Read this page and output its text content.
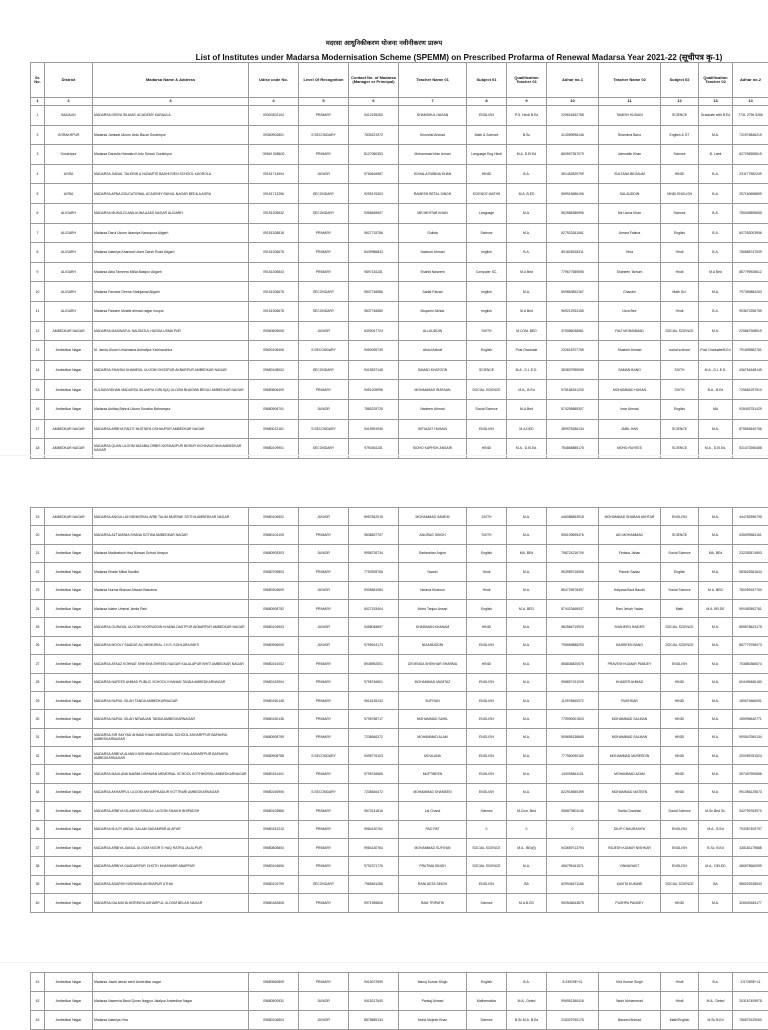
मदरसा आधुनिकीकरण योजना नवीनीकरण प्रारूप
List of Institutes under Madarsa Modernisation Scheme (SPEMM) on Prescribed Profarma of Renewal Madarsa Year 2021-22 (सूचीपत्र कृ-1)
Sr. No.	District	Madarsa Name & Address	Udise code No.	Level Of Recognition	Contact No. of Madarsa (Manager or Principal)	Teacher Name 01	Subject 01	Qualification Teacher 01	Adhar no.1	Teacher Name 02	Subject 02	Qualification Teacher 02	Adhar no.2
1	2	3	4	5	6	7	8	9	10	11	12	13	14
1	BADAUN	MADARSA DEENI ISLAMIC ACADEMY KARAULA	09300302104	PRIMARY	9412195260	SHAMSHUL HASAN	ENGLISH	P.G. Hindi B.Ed	229616452788	TAMISH HUSAIN	SCIENCE	Graduate with B.Ed	7731 2796 5286
2	GORAKHPUR	Madarsa Jamiaat Uloom Urdu Bazar Gorakhpur	09360902801	S.SECONDARY	7839221972	Khurshid Ahmad	Math & Science	B.Sc	413059996146	Shamima Bano	English & GT	M.A.	731976846219
3	Gorakhpur	Madarsa Darsulia Hamdard Urdu School Gorakhpur	09360 508602	PRIMARY	8127080353	Mohammad Irfan Ansari	Language Eng Hindi	M.A. D.El.Ed	860597357079	Jainuddin Khan	Science	B. Lamt	627298355615
4	AGRA	MADARSA JIANUL TALEEMI & NIZAMTIS BADHI RIEN SCHOOL KAGROLA	09151714904	JUNIOR	9760616987	SOHALA RUBINA KHAN	HINDI	B.A.	351452829799	SULTANA BEGAUM	HINDI	B.A.	231177982249
5	AGRA	MADARSA APNA EDUCATIONAL ACADEMY RAHUL NAGAR BEDILA AGRA	09151712256	SECONDARY	9259176303	RAMESH BETAL SINGH	SCIENCE MATHS	M.A. B.ED	559915686196	SALAUDDIN	HINDI ENGLISH	B.A.	257160658899
6	ALIGARH	MADARSA MUKALDI ANILUUNA AZAD NAGAR ALIGARH	09151305532	SECONDARY	9358465907	MR MEHTAB KHAN	Language	M.A.	562586386996	Ms Uzma Khan	Science	B.A.	755305895655
7	ALIGARH	Madarsa Darul Uloom Islamiya Narsopura Aligarh	09151308818	PRIMARY	9627715786	Gulista	Science	M.A.	627923261061	Umara Fatima	English	B.A.	607253003956
8	ALIGARH	Madarsa Islamiya Khanwal Ulomi Darsh Road Aligarh	09151306676	PRIMARY	8439986843	Nazkum Ahmad	english	B.A.	891826518311	Hina	Hindi	B.A.	786858747539
9	ALIGARH	Madarsa Attia Tameera Millat Bastpur Aligarh	09151306543	PRIMARY	9897181151	Shahid Naseem	Computer SC.	M.A Bed	779677589596	Shaheen Tarnum	Hindi	M.A Bed	887799928612
10	ALIGARH	Madarsa Farzane Deena Shahjamal Aligarh	09151306676	SECONDARY	9837746586	Sadaf Faizad	english	M.A.	599863852167	Chandni	Math Sci.	M.A.	797359884263
11	ALIGARH	Madarsa Faizane Mustfa ahmad nagar noupur	09151306678	SECONDARY	9837746580	Muqarrin Akhtar	english	M.A Bed	969212933155	Uzra Bee	Hindi	B.A.	993672396759
12	AMBEDKAR NAGAR	MADARSA MADINATUL NAUSATUL HUDDA USMA PUR	09960805006	JUNIOR	6393047724	ALLAUDDIN	SIXTH	M.COM. BED	375086038561	FAIZ MOHAMMAD	SOCIAL SCIENCE	M.A.	225867908919
13	Ambedkar Nagar	M. Jamia Uloom Umarnama Ashrafpur Kichhauchha	09600108406	S.SECONDARY	9450095749	Abdul Ashraf	English	Post Graduate	232618707765	Shakeel Ahmad	social science	Post Graduate/B.Ed	791895582761
14	Ambedkar Nagar	MADARSA SHAHNJ KHANIRUL ULOOM GHOSPUR AKBARPUR AMBEDKAR NAGAR	09680108002	SECONDARY	9415537148	SAMAD KHATOON	SCIENCE	M.A., D.L.E.D.	383837995059	SAMAN BANO	SIXTH	M.A., D.L.E.D.	436761648145
15	Ambedkar Nagar	KULSANVIDHAN MADARSA ISLAMIYA GIRLS(A) ULOOM BHAGWA BEGAJ AMBEDKAR NAGAR	09680806409	PRIMARY	9451209996	MOHAMMAD IRAFAAN	SOCIAL SCIENCE	M.A., B.Ed	975168151200	MOHAMMAD HASAN	SIXTH	B.A., B.Ed	725681297510
16	Ambedkar Nagar	Madarsa Ashfaq Bahrul Uloom Suratha Bahrampur	09680906701	JUNIOR	7880229725	Nadeem Ahmad	Social Science	M.A.Bed	574295885307	Israr Ahmad	English	MA	928492751429
17	AMBEDKAR NAGAR	MADARSA ARBIYA FAIZ E MUSTAFA GOHAUPUR AMBEDKAR NAGAR	09680012161	S.SECONDARY	9415951946	IMTIAZAT HUSAIN	ENGLISH	M.A.DED	389978186134	JABIL HAN	SCIENCE	M.A.	875563640756
18	AMBEDKAR NAGAR	MADARSA QUAN ULOOM MIZABIA ORBIS NOSHADPUR BERUR KICHHAUCHHA AMBEDKAR NAGAR	09680109901	SECONDARY	9793461151	SIDHO KAPHOK ANSARI	HINDI	M.A., D.El.Ed.	784865885175	MOHD RAYEES	SCIENCE	M.A., D.El.Ed.	531473396488
19	AMBEDKAR NAGAR	MADARSA ANGULLAH MEMORIAL ARBI TALIM MURRAE SOTIYA AMBEDKAR NAGAR	09680106502	JUNIOR	8957842015	MOHAMMAD SAMEM	SIXTH	M.A.	446086853918	MOHAMMAD SHABAN AKHTAR	ENGLISH	M.A.	444782596795
20	Ambedkar Nagar	MADARSA AZTUMINIA SHANA SOTWA AMBEDKAR NAGAR	09680104105	PRIMARY	9838637707	ANURAG SINGH	SIXTH	M.A.	596109695376	AKI MOHAMMAD	SCIENCE	M.A.	435099584161
21	Ambedkar Nagar	Madarsa Madinatush Haq Nizwan School Ibrapur	09680905303	JUNIOR	9958726734	Sarfarahan Anjum	English	MA, BEd	798724216709	Firdaus Jahan	Social Science	MA, BEd	232283574893
22	Ambedkar Nagar	Madarsa Khade Millat Saotikh	09680709803	PRIMARY	7753935765	Naarin	Hindi	M.A.	553989716506	Parwin Sadaz	English	M.A.	983626361644
23	Ambedkar Nagar	Madarsa Nurma Bhavan Ahwazi Basrama	09680304609	JUNIOR	9305681084	Nahma Khatoon	Hindi	M.A.	854725578497	Kalpana Bani Baudh	Social Science	M.A. BED	780259157760
24	Ambedkar Nagar	Madarsa Islahe Ummat Jamia Park	09680908752	PRIMARY	8427153404	Mohd Tanjun Ansari	English	M.A. BED	874423466537	Rani Jehah Yadav	Math	M.A. BR.DE	990450592761
25	Ambedkar Nagar	MADARSA GURAYAL ULOOM NOORUDDIN KHAWA DASTPUR AKBARPUR AMBEDKAR NAGAR	09680104903	JUNIOR	9458048697	KHADIMAN KHANAM	HINDI	M.A.	582566719920	SHAHEEN HAIDER	SOCIAL SCIENCE	M.A.	855578623175
26	Ambedkar Nagar	MADARSA MOOLY SAADAT ALI MEMORIAL J.H.S. KOHLARA BHITI	09680906005	JUNIOR	9795914173	NIZAMUDDIN	ENGLISH	M.A.	795559886293	NASREEN BANO	SOCIAL SCIENCE	M.A.	887779756073
27	Ambedkar Nagar	MADARSA AFAAZ KOHNAT SHIKSHA SHREED NAGAR KALALAPUR BHITI AMBEDKAR NAGAR	09680151002	PRIMARY	8948952501	DEVENDA SHEKHAR SHARMA	HINDI	M.A.	858836820575	PRAVESH KUMAR PANDEY	ENGLISH	M.A.	703880366574
28	Ambedkar Nagar	MADARSA NAFEES AHMAD PUBLIC SCHOOL KHANAN TANDA AMBEDKARNAGAR	09680152904	PRIMARY	9795746501	MOHAMMAD MUMTAZ	ENGLISH	M.A.	998897191009	KHADER AHMAD	HINDI	M.A.	604495486180
29	Ambedkar Nagar	MADARSA NURUL ISLAH TANDA AMBEDKARNAGAR	09680150145	PRIMARY	9616135132	SUFIYAN	ENGLISH	M.A.	110978660072	RUKHSAR	HINDI	M.A.	169074666051
30	Ambedkar Nagar	MADARSA NURUL ISLAH NEWAJAN TANDA AMBEDKARNAGAR	09680150136	PRIMARY	9795788717	MOHAMMAD SAHIL	ENGLISH	M.A.	775990001503	MOHAMMAD SALMAN	HINDI	M.A.	155996640771
31	Ambedkar Nagar	MADARSA SIR SAYYAD AHMAD KHAN MEMORIAL SCHOOL ASHARFPUR BAFAHRA AMBEDKARNAGAR	09680908799	PRIMARY	7236646372	MOHAMMAD ALAM	ENGLISH	M.A.	905695138665	MOHAMMAD SALMAN	HINDI	M.A.	990547950134
32	Ambedkar Nagar	MADARSA ARBIYA ALMADI NISHWAN SHADIAN DARIT KHALASHARFPUR BAFAHRA AMBEDKARNAGAR	09680908788	S.SECONDARY	9495776103	MOULANA	ENGLISH	M.A.	777960090160	MOHAMMAD MUREEDIN	HINDI	M.A.	200095781524
33	Ambedkar Nagar	MADARSA MAULANA NAIBIM NISHWAN MEMORIAL SCHOOL KOTHWOSHU AMBEDKARNAGAR	09680151401	PRIMARY	9795746565	MUFTIBEEN	ENGLISH	M.A.	140095661101	MOHAMMAD AZAM	HINDI	M.A.	397457990888
34	Ambedkar Nagar	MADARSA AKHARPUL ULOOM AKHARPAADUR KOTTRARI AMBEDKARNAGAR	09680150906	S.SECONDARY	7236646472	MOHAMMAD SHAMEEN	ENGLISH	M.A.	822915650399	MOHAMMAD MATEEN	HINDI	M.A.	991356129873
35	Ambedkar Nagar	MADARSA ARBIYA ISLAMIYA SIRAJUL ULOOM SHAIKH BHIPADSH	09680103566	PRIMARY	9670141816	Lal Chand	Science	M.Com, Bed	958879801146	Sarita Chauhan	Social Science	M.Sc Bed Sc.	342799763970
36	Ambedkar Nagar	MADARSA M.A.P.I ABDUL SALAM SADAMPAR ALAPUR	09680151210	PRIMARY	9984130761	PAO PAT	0	0	0	DILIP CHAURASIYA	ENGLISH	M.A., B.Ed	793357409797
37	Ambedkar Nagar	MADARSA ARBIYA JIANUL ULOOM NOOR E HAQ RATRA JALALPUR	09680808804	PRIMARY	9984130764	MOHAMMAD SUFIYAN	SOCIAL SCIENCE	M.A., BEd(I)	543659713794	RAJESH KUMAR NISHKAR	ENGLISH	B.Sc, B.Ed	438181179888
38	Ambedkar Nagar	MADARSA ARBIYA GAADARPUR CHOTH KHASHMIR ABARPUR	09680104606	PRIMARY	9792371776	PRATIMA SINGH	SOCIAL SCIENCE	M.A.	466795161571	VINNAYAKIT	ENGLISH	M.A., DELED	486978660059
39	Ambedkar Nagar	MADARSA ADARSH NISHWAN AKHNAPUR UTHAI	09680104799	SECONDARY	7985461266	RANI ADTA SINGH	ENGLISH	BA	829946471166	KAVITA KUMARI	SOCIAL SCIENCE	BA	986025338543
40	Ambedkar Nagar	MADARSA KALMUHA MORINIYA ASHARFUL ULOOM BELAH NAGAR	09680182806	PRIMARY	9971955806	RAM TRIPATHI	Science	M.A.B.ED	950546643875	PUSHPA PANDEY	HINDI	M.A.	326049184177
41	Ambedkar Nagar	Madarsa Jawid ulman semi Ambedkar nagar	09680560805	PRIMARY	9415072599	Manoj Kumar Singh	English	B.A.	8.43929E+11	Kirti Kumar Singh	Hindi	B.a.	3.57289E+11
42	Ambedkar Nagar	Madarsa Nasrenia Barul Quran Nagpur Jalalpur Ambedkar Nagar	09680500531	JUNIOR	9415217640	Pankaj Ahmad	Mathematics	M.A., Deled	996951360416	Nasir Mohammad	Hindi	M.A., Deled	203167409978
43	Ambedkar Nagar	Madarsa Islamiya Hira	09680106804	JUNIOR	8878689134	Mohd Mujeeb Khan	Science	B.Sc M.A. B.Ed	218329750175	Baseed Ahmad	Math/English	M.Sc B.Ed	786875129060
